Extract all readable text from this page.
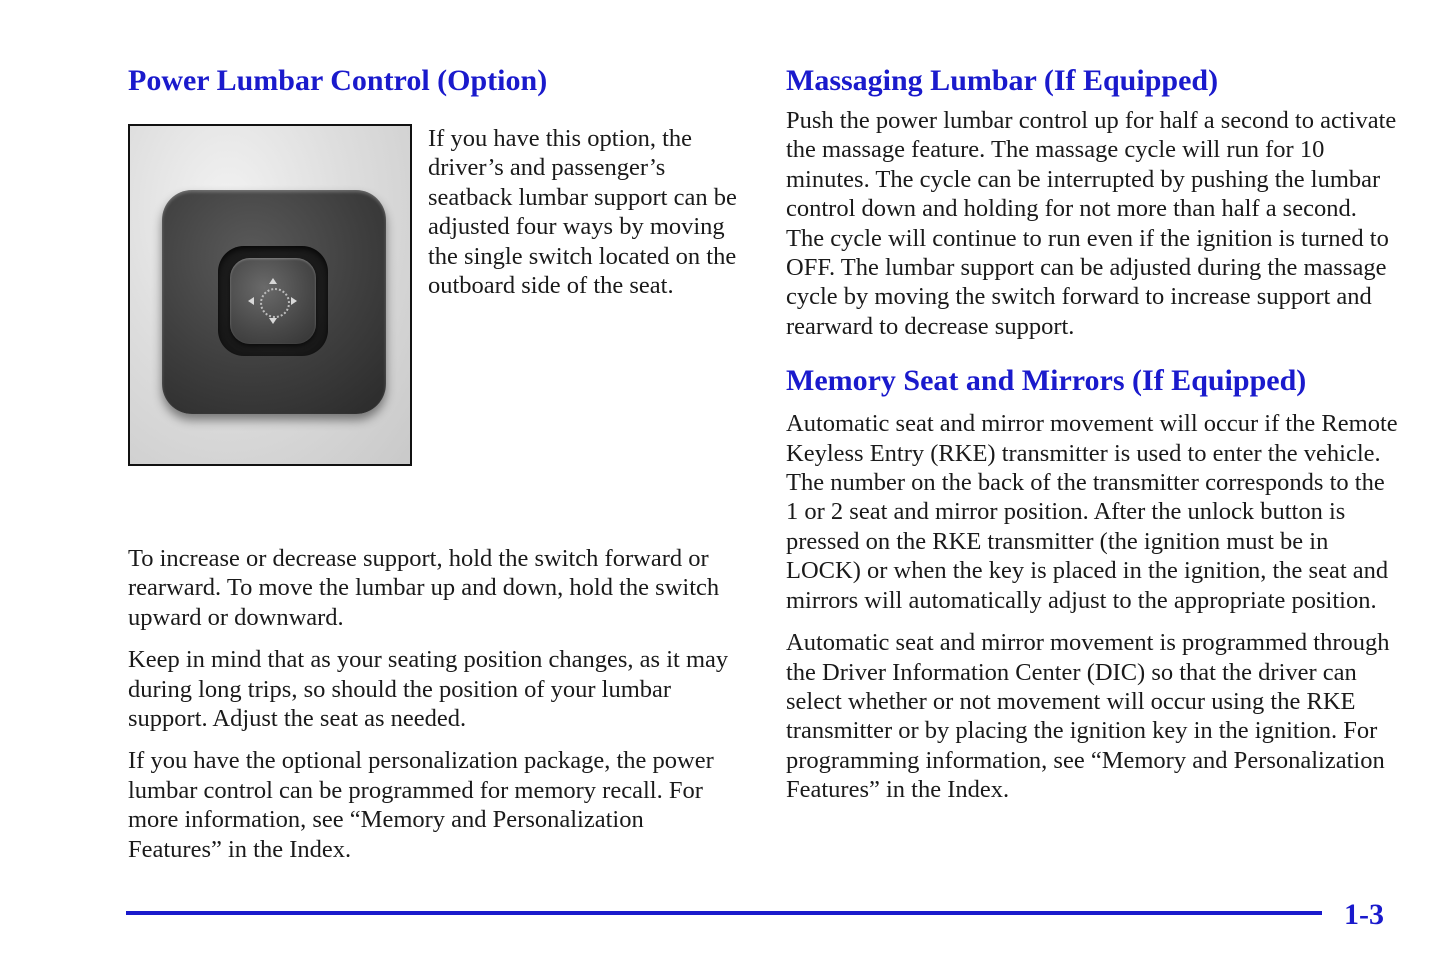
Power Lumbar Control (Option)

If you have this option, the driver’s and passenger’s seatback lumbar support can be adjusted four ways by moving the single switch located on the outboard side of the seat.

To increase or decrease support, hold the switch forward or rearward. To move the lumbar up and down, hold the switch upward or downward.

Keep in mind that as your seating position changes, as it may during long trips, so should the position of your lumbar support. Adjust the seat as needed.

If you have the optional personalization package, the power lumbar control can be programmed for memory recall. For more information, see “Memory and Personalization Features” in the Index.

Massaging Lumbar (If Equipped)

Push the power lumbar control up for half a second to activate the massage feature. The massage cycle will run for 10 minutes. The cycle can be interrupted by pushing the lumbar control down and holding for not more than half a second. The cycle will continue to run even if the ignition is turned to OFF. The lumbar support can be adjusted during the massage cycle by moving the switch forward to increase support and rearward to decrease support.

Memory Seat and Mirrors (If Equipped)

Automatic seat and mirror movement will occur if the Remote Keyless Entry (RKE) transmitter is used to enter the vehicle. The number on the back of the transmitter corresponds to the 1 or 2 seat and mirror position. After the unlock button is pressed on the RKE transmitter (the ignition must be in LOCK) or when the key is placed in the ignition, the seat and mirrors will automatically adjust to the appropriate position.

Automatic seat and mirror movement is programmed through the Driver Information Center (DIC) so that the driver can select whether or not movement will occur using the RKE transmitter or by placing the ignition key in the ignition. For programming information, see “Memory and Personalization Features” in the Index.

1-3
